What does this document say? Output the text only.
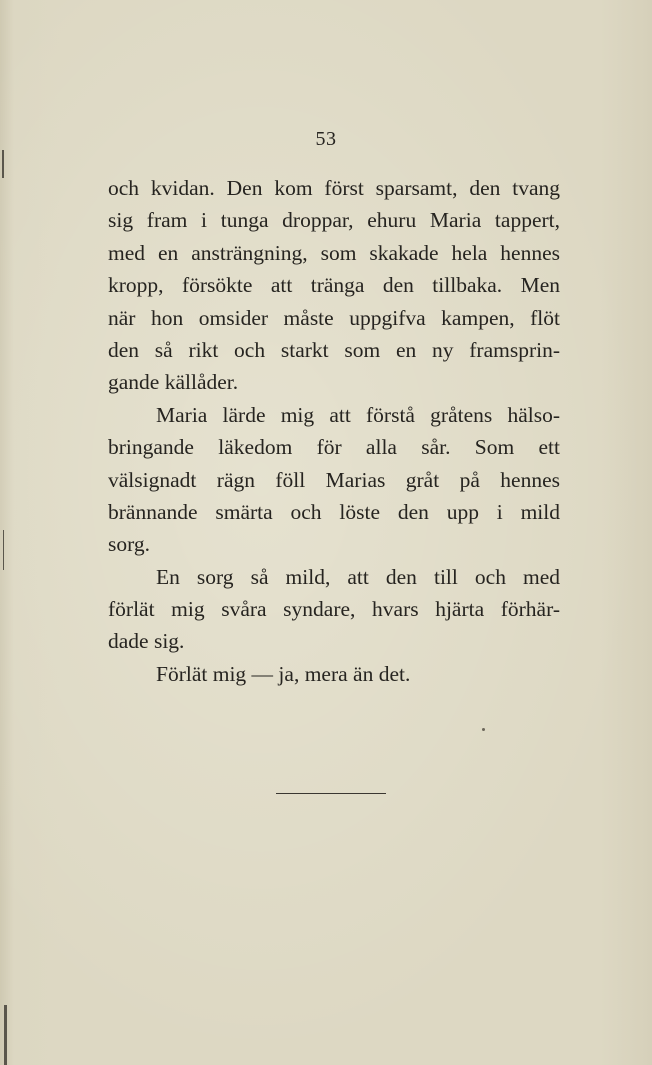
53
och kvidan. Den kom först sparsamt, den tvang
sig fram i tunga droppar, ehuru Maria tappert,
med en ansträngning, som skakade hela hennes
kropp, försökte att tränga den tillbaka. Men
när hon omsider måste uppgifva kampen, flöt
den så rikt och starkt som en ny framsprin-
gande källåder.
Maria lärde mig att förstå gråtens hälso-
bringande läkedom för alla sår. Som ett
välsignadt rägn föll Marias gråt på hennes
brännande smärta och löste den upp i mild
sorg.
En sorg så mild, att den till och med
förlät mig svåra syndare, hvars hjärta förhär-
dade sig.
Förlät mig — ja, mera än det.
